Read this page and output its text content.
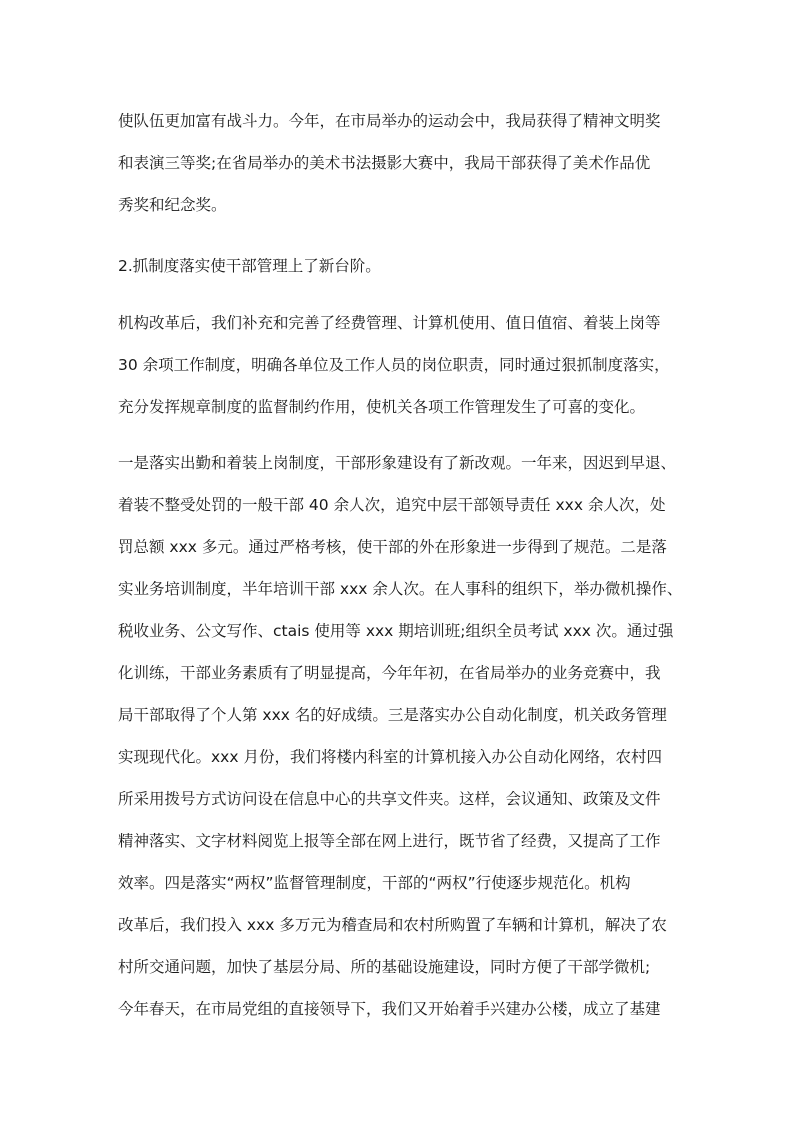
使队伍更加富有战斗力。今年，在市局举办的运动会中，我局获得了精神文明奖
和表演三等奖;在省局举办的美术书法摄影大赛中，我局干部获得了美术作品优
秀奖和纪念奖。
2.抓制度落实使干部管理上了新台阶。
机构改革后，我们补充和完善了经费管理、计算机使用、值日值宿、着装上岗等
30 余项工作制度，明确各单位及工作人员的岗位职责，同时通过狠抓制度落实，
充分发挥规章制度的监督制约作用，使机关各项工作管理发生了可喜的变化。
一是落实出勤和着装上岗制度，干部形象建设有了新改观。一年来，因迟到早退、
着装不整受处罚的一般干部 40 余人次，追究中层干部领导责任 xxx 余人次，处
罚总额 xxx 多元。通过严格考核，使干部的外在形象进一步得到了规范。二是落
实业务培训制度，半年培训干部 xxx 余人次。在人事科的组织下，举办微机操作、
税收业务、公文写作、ctais 使用等 xxx 期培训班;组织全员考试 xxx 次。通过强
化训练，干部业务素质有了明显提高，今年年初，在省局举办的业务竞赛中，我
局干部取得了个人第 xxx 名的好成绩。三是落实办公自动化制度，机关政务管理
实现现代化。xxx 月份，我们将楼内科室的计算机接入办公自动化网络，农村四
所采用拨号方式访问设在信息中心的共享文件夹。这样，会议通知、政策及文件
精神落实、文字材料阅览上报等全部在网上进行，既节省了经费，又提高了工作
效率。四是落实“两权”监督管理制度，干部的“两权”行使逐步规范化。机构
改革后，我们投入 xxx 多万元为稽查局和农村所购置了车辆和计算机，解决了农
村所交通问题，加快了基层分局、所的基础设施建设，同时方便了干部学微机;
今年春天，在市局党组的直接领导下，我们又开始着手兴建办公楼，成立了基建
